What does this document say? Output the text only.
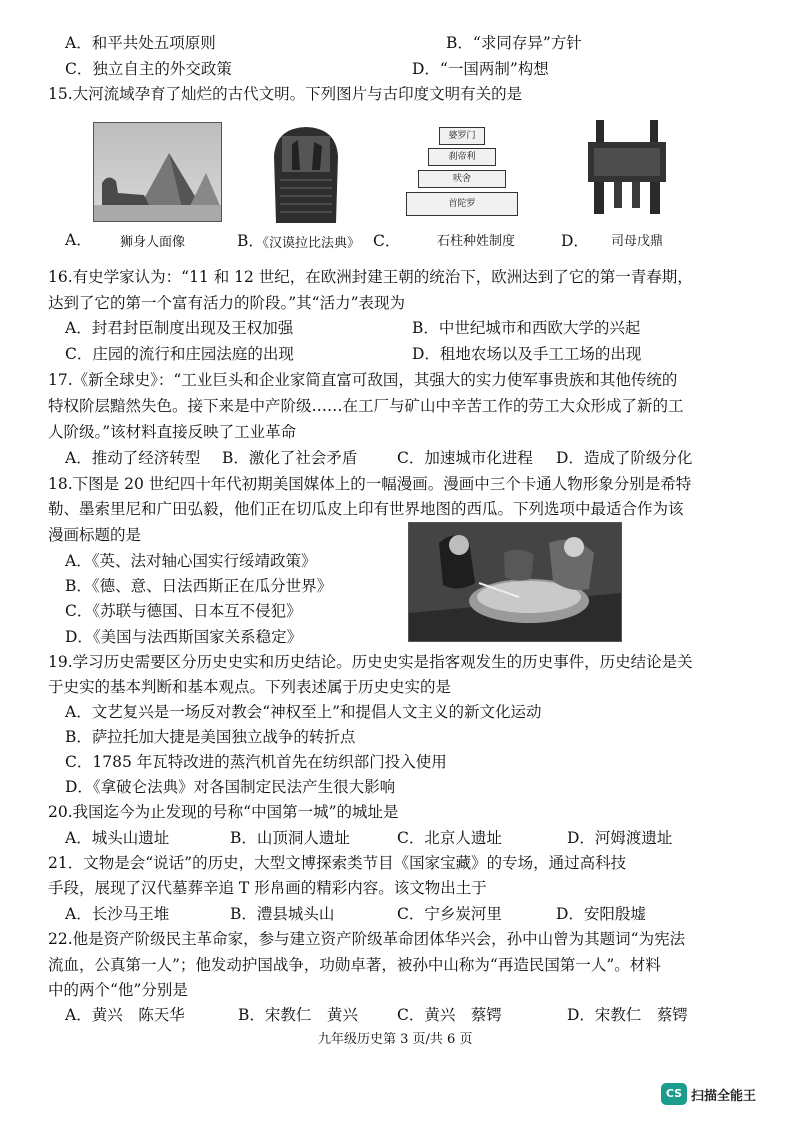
A．和平共处五项原则	B．“求同存异”方针
C．独立自主的外交政策	D．“一国两制”构想
15.大河流域孕育了灿烂的古代文明。下列图片与古印度文明有关的是
A． 狮身人面像	B．
《汉谟拉比法典》
婆罗门
刹帝利
吠舍
首陀罗
C．	石柱种姓制度	D． 司母戊鼎
16.有史学家认为：“11 和 12 世纪，在欧洲封建王朝的统治下，欧洲达到了它的第一青春期，
达到了它的第一个富有活力的阶段。”其“活力”表现为
A．封君封臣制度出现及王权加强	B．中世纪城市和西欧大学的兴起
C．庄园的流行和庄园法庭的出现	D．租地农场以及手工工场的出现
17.《新全球史》：“工业巨头和企业家简直富可敌国，其强大的实力使军事贵族和其他传统的
特权阶层黯然失色。接下来是中产阶级……在工厂与矿山中辛苦工作的劳工大众形成了新的工
人阶级。”该材料直接反映了工业革命
A．推动了经济转型 B．激化了社会矛盾	C．加速城市化进程 D．造成了阶级分化
18.下图是 20 世纪四十年代初期美国媒体上的一幅漫画。漫画中三个卡通人物形象分别是希特
勒、墨索里尼和广田弘毅，他们正在切瓜皮上印有世界地图的西瓜。下列选项中最适合作为该
漫画标题的是
A．《英、法对轴心国实行绥靖政策》
B．《德、意、日法西斯正在瓜分世界》
C．《苏联与德国、日本互不侵犯》
D．《美国与法西斯国家关系稳定》
19.学习历史需要区分历史史实和历史结论。历史史实是指客观发生的历史事件，历史结论是关
于史实的基本判断和基本观点。下列表述属于历史史实的是
A．文艺复兴是一场反对教会“神权至上”和提倡人文主义的新文化运动
B．萨拉托加大捷是美国独立战争的转折点
C．1785 年瓦特改进的蒸汽机首先在纺织部门投入使用
D．《拿破仑法典》对各国制定民法产生很大影响
20.我国迄今为止发现的号称“中国第一城”的城址是
A．城头山遗址	B．山顶洞人遗址	C．北京人遗址	D．河姆渡遗址
21．文物是会“说话”的历史，大型文博探索类节目《国家宝藏》的专场，通过高科技
手段，展现了汉代墓葬辛追 T 形帛画的精彩内容。该文物出土于
A．长沙马王堆	B．澧县城头山	C．宁乡炭河里	D．安阳殷墟
22.他是资产阶级民主革命家，参与建立资产阶级革命团体华兴会，孙中山曾为其题词“为宪法
流血，公真第一人”；他发动护国战争，功勋卓著，被孙中山称为“再造民国第一人”。材料
中的两个“他”分别是
A．黄兴　陈天华	B．宋教仁　黄兴	C．黄兴　蔡锷	D．宋教仁　蔡锷
九年级历史第 3 页/共 6 页
CS 扫描全能王
